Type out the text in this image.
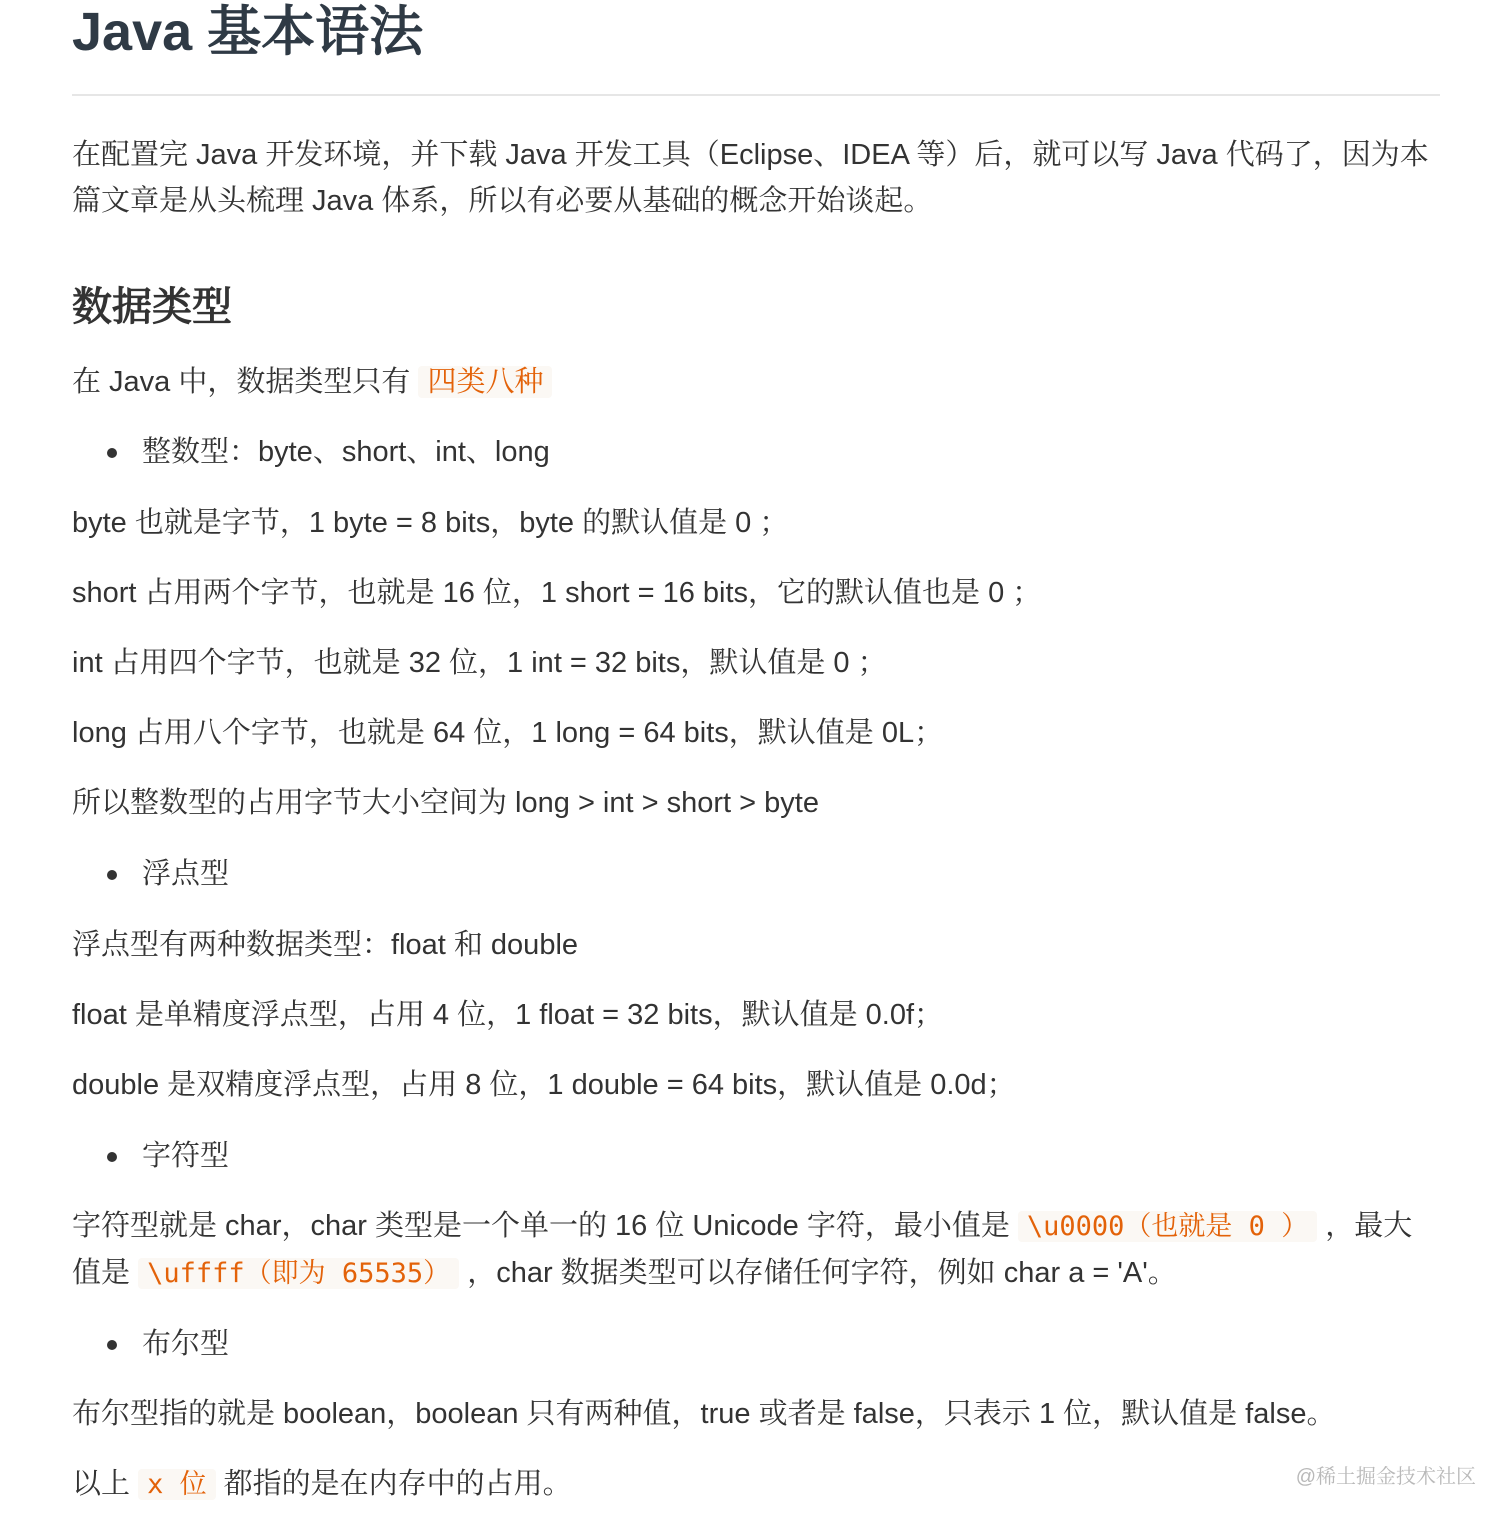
Java 基本语法

在配置完 Java 开发环境，并下载 Java 开发工具（Eclipse、IDEA 等）后，就可以写 Java 代码了，因为本篇文章是从头梳理 Java 体系，所以有必要从基础的概念开始谈起。

数据类型

在 Java 中，数据类型只有 四类八种

整数型：byte、short、int、long

byte 也就是字节，1 byte = 8 bits，byte 的默认值是 0 ；

short 占用两个字节，也就是 16 位，1 short = 16 bits，它的默认值也是 0 ；

int 占用四个字节，也就是 32 位，1 int = 32 bits，默认值是 0 ；

long 占用八个字节，也就是 64 位，1 long = 64 bits，默认值是 0L；

所以整数型的占用字节大小空间为 long > int > short > byte

浮点型

浮点型有两种数据类型：float 和 double

float 是单精度浮点型，占用 4 位，1 float = 32 bits，默认值是 0.0f；

double 是双精度浮点型，占用 8 位，1 double = 64 bits，默认值是 0.0d；

字符型

字符型就是 char，char 类型是一个单一的 16 位 Unicode 字符，最小值是 \u0000（也就是 0 ） ，最大值是 \uffff（即为 65535） ，char 数据类型可以存储任何字符，例如 char a = 'A'。

布尔型

布尔型指的就是 boolean，boolean 只有两种值，true 或者是 false，只表示 1 位，默认值是 false。

以上 x 位 都指的是在内存中的占用。	@稀土掘金技术社区
